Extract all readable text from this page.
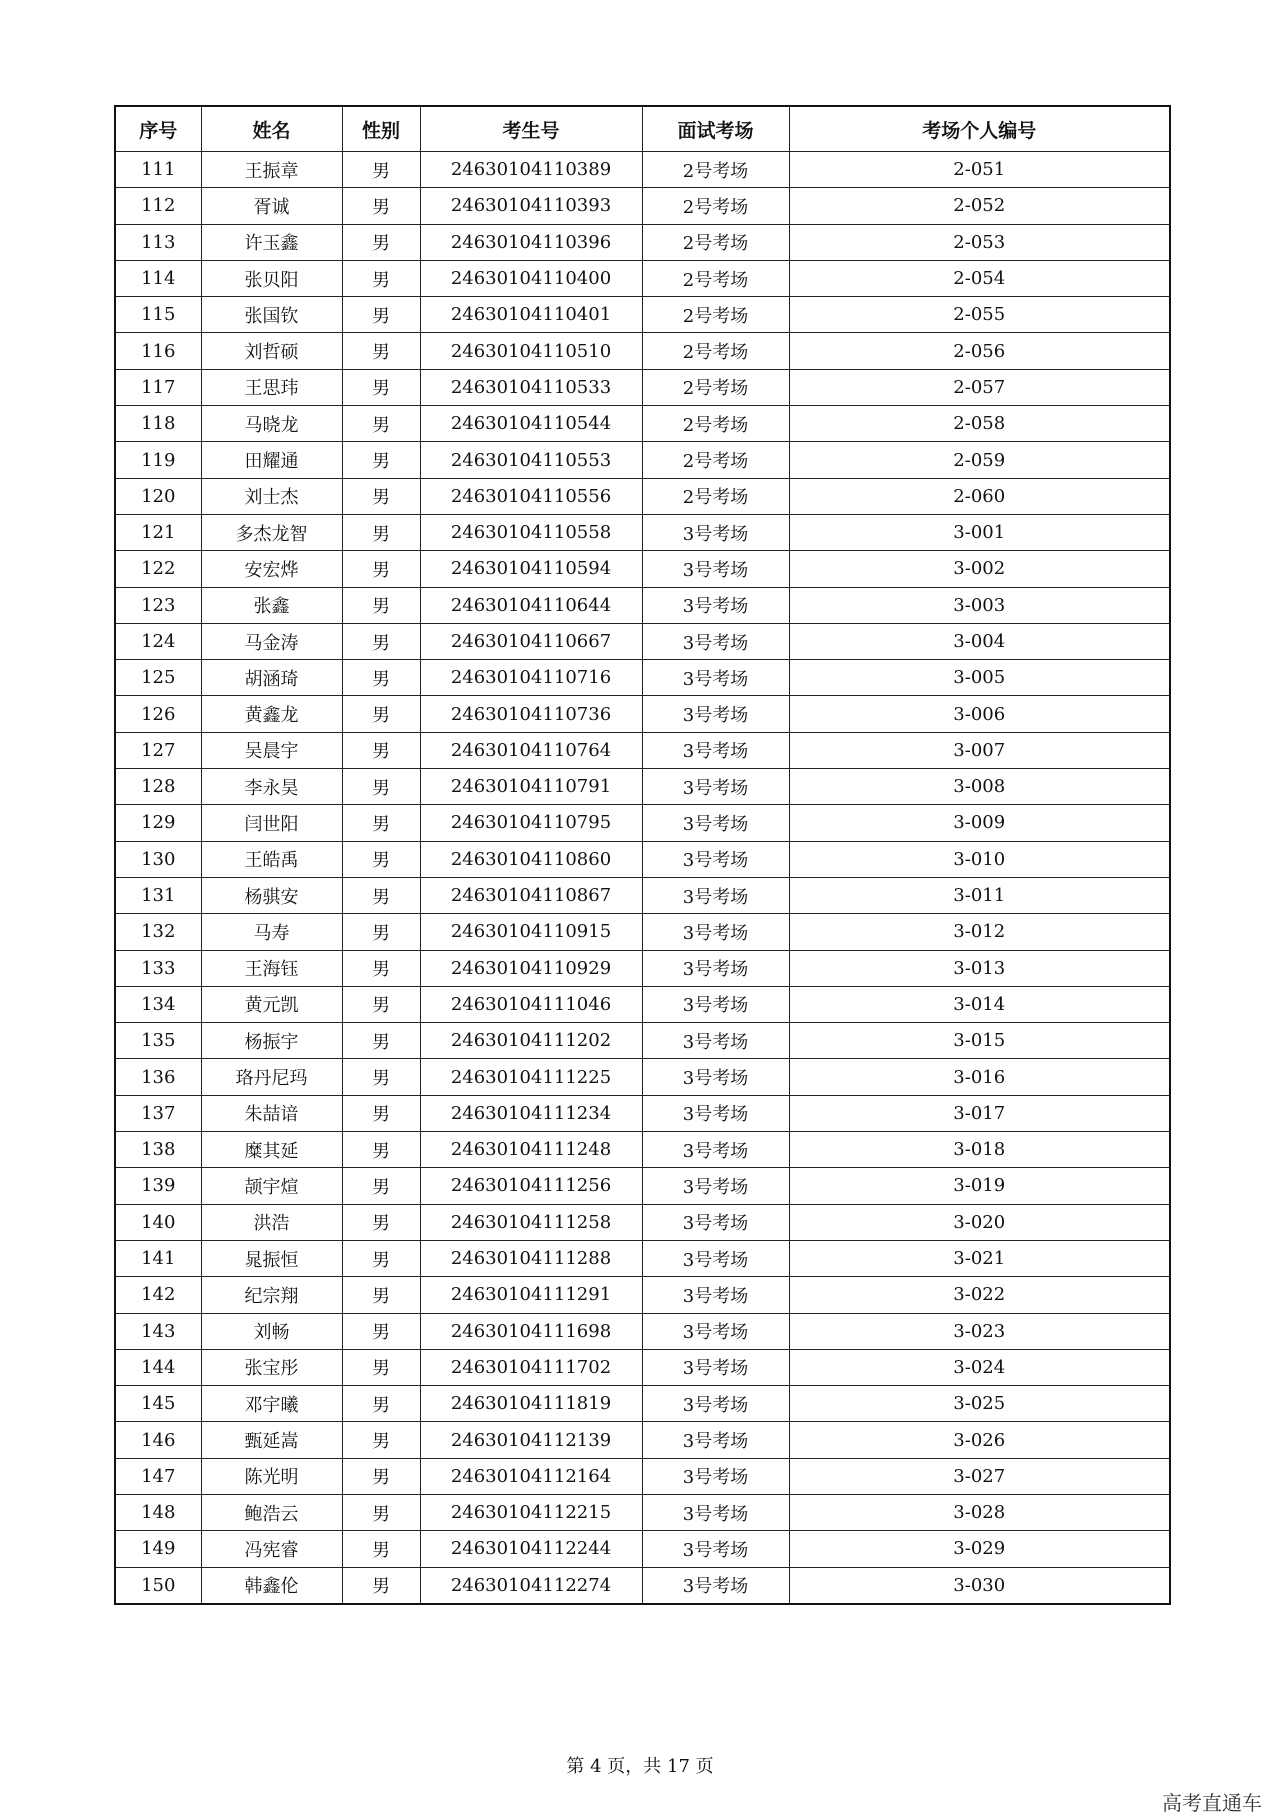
序号	姓名	性别	考生号	面试考场	考场个人编号
111	王振章	男	24630104110389	2号考场	2-051
112	胥诚	男	24630104110393	2号考场	2-052
113	许玉鑫	男	24630104110396	2号考场	2-053
114	张贝阳	男	24630104110400	2号考场	2-054
115	张国钦	男	24630104110401	2号考场	2-055
116	刘哲硕	男	24630104110510	2号考场	2-056
117	王思玮	男	24630104110533	2号考场	2-057
118	马晓龙	男	24630104110544	2号考场	2-058
119	田耀通	男	24630104110553	2号考场	2-059
120	刘士杰	男	24630104110556	2号考场	2-060
121	多杰龙智	男	24630104110558	3号考场	3-001
122	安宏烨	男	24630104110594	3号考场	3-002
123	张鑫	男	24630104110644	3号考场	3-003
124	马金涛	男	24630104110667	3号考场	3-004
125	胡涵琦	男	24630104110716	3号考场	3-005
126	黄鑫龙	男	24630104110736	3号考场	3-006
127	吴晨宇	男	24630104110764	3号考场	3-007
128	李永昊	男	24630104110791	3号考场	3-008
129	闫世阳	男	24630104110795	3号考场	3-009
130	王皓禹	男	24630104110860	3号考场	3-010
131	杨骐安	男	24630104110867	3号考场	3-011
132	马寿	男	24630104110915	3号考场	3-012
133	王海钰	男	24630104110929	3号考场	3-013
134	黄元凯	男	24630104111046	3号考场	3-014
135	杨振宇	男	24630104111202	3号考场	3-015
136	珞丹尼玛	男	24630104111225	3号考场	3-016
137	朱喆谙	男	24630104111234	3号考场	3-017
138	糜其延	男	24630104111248	3号考场	3-018
139	颉宇煊	男	24630104111256	3号考场	3-019
140	洪浩	男	24630104111258	3号考场	3-020
141	晁振恒	男	24630104111288	3号考场	3-021
142	纪宗翔	男	24630104111291	3号考场	3-022
143	刘畅	男	24630104111698	3号考场	3-023
144	张宝彤	男	24630104111702	3号考场	3-024
145	邓宇曦	男	24630104111819	3号考场	3-025
146	甄延嵩	男	24630104112139	3号考场	3-026
147	陈光明	男	24630104112164	3号考场	3-027
148	鲍浩云	男	24630104112215	3号考场	3-028
149	冯宪睿	男	24630104112244	3号考场	3-029
150	韩鑫伦	男	24630104112274	3号考场	3-030
第 4 页，共 17 页
高考直通车
